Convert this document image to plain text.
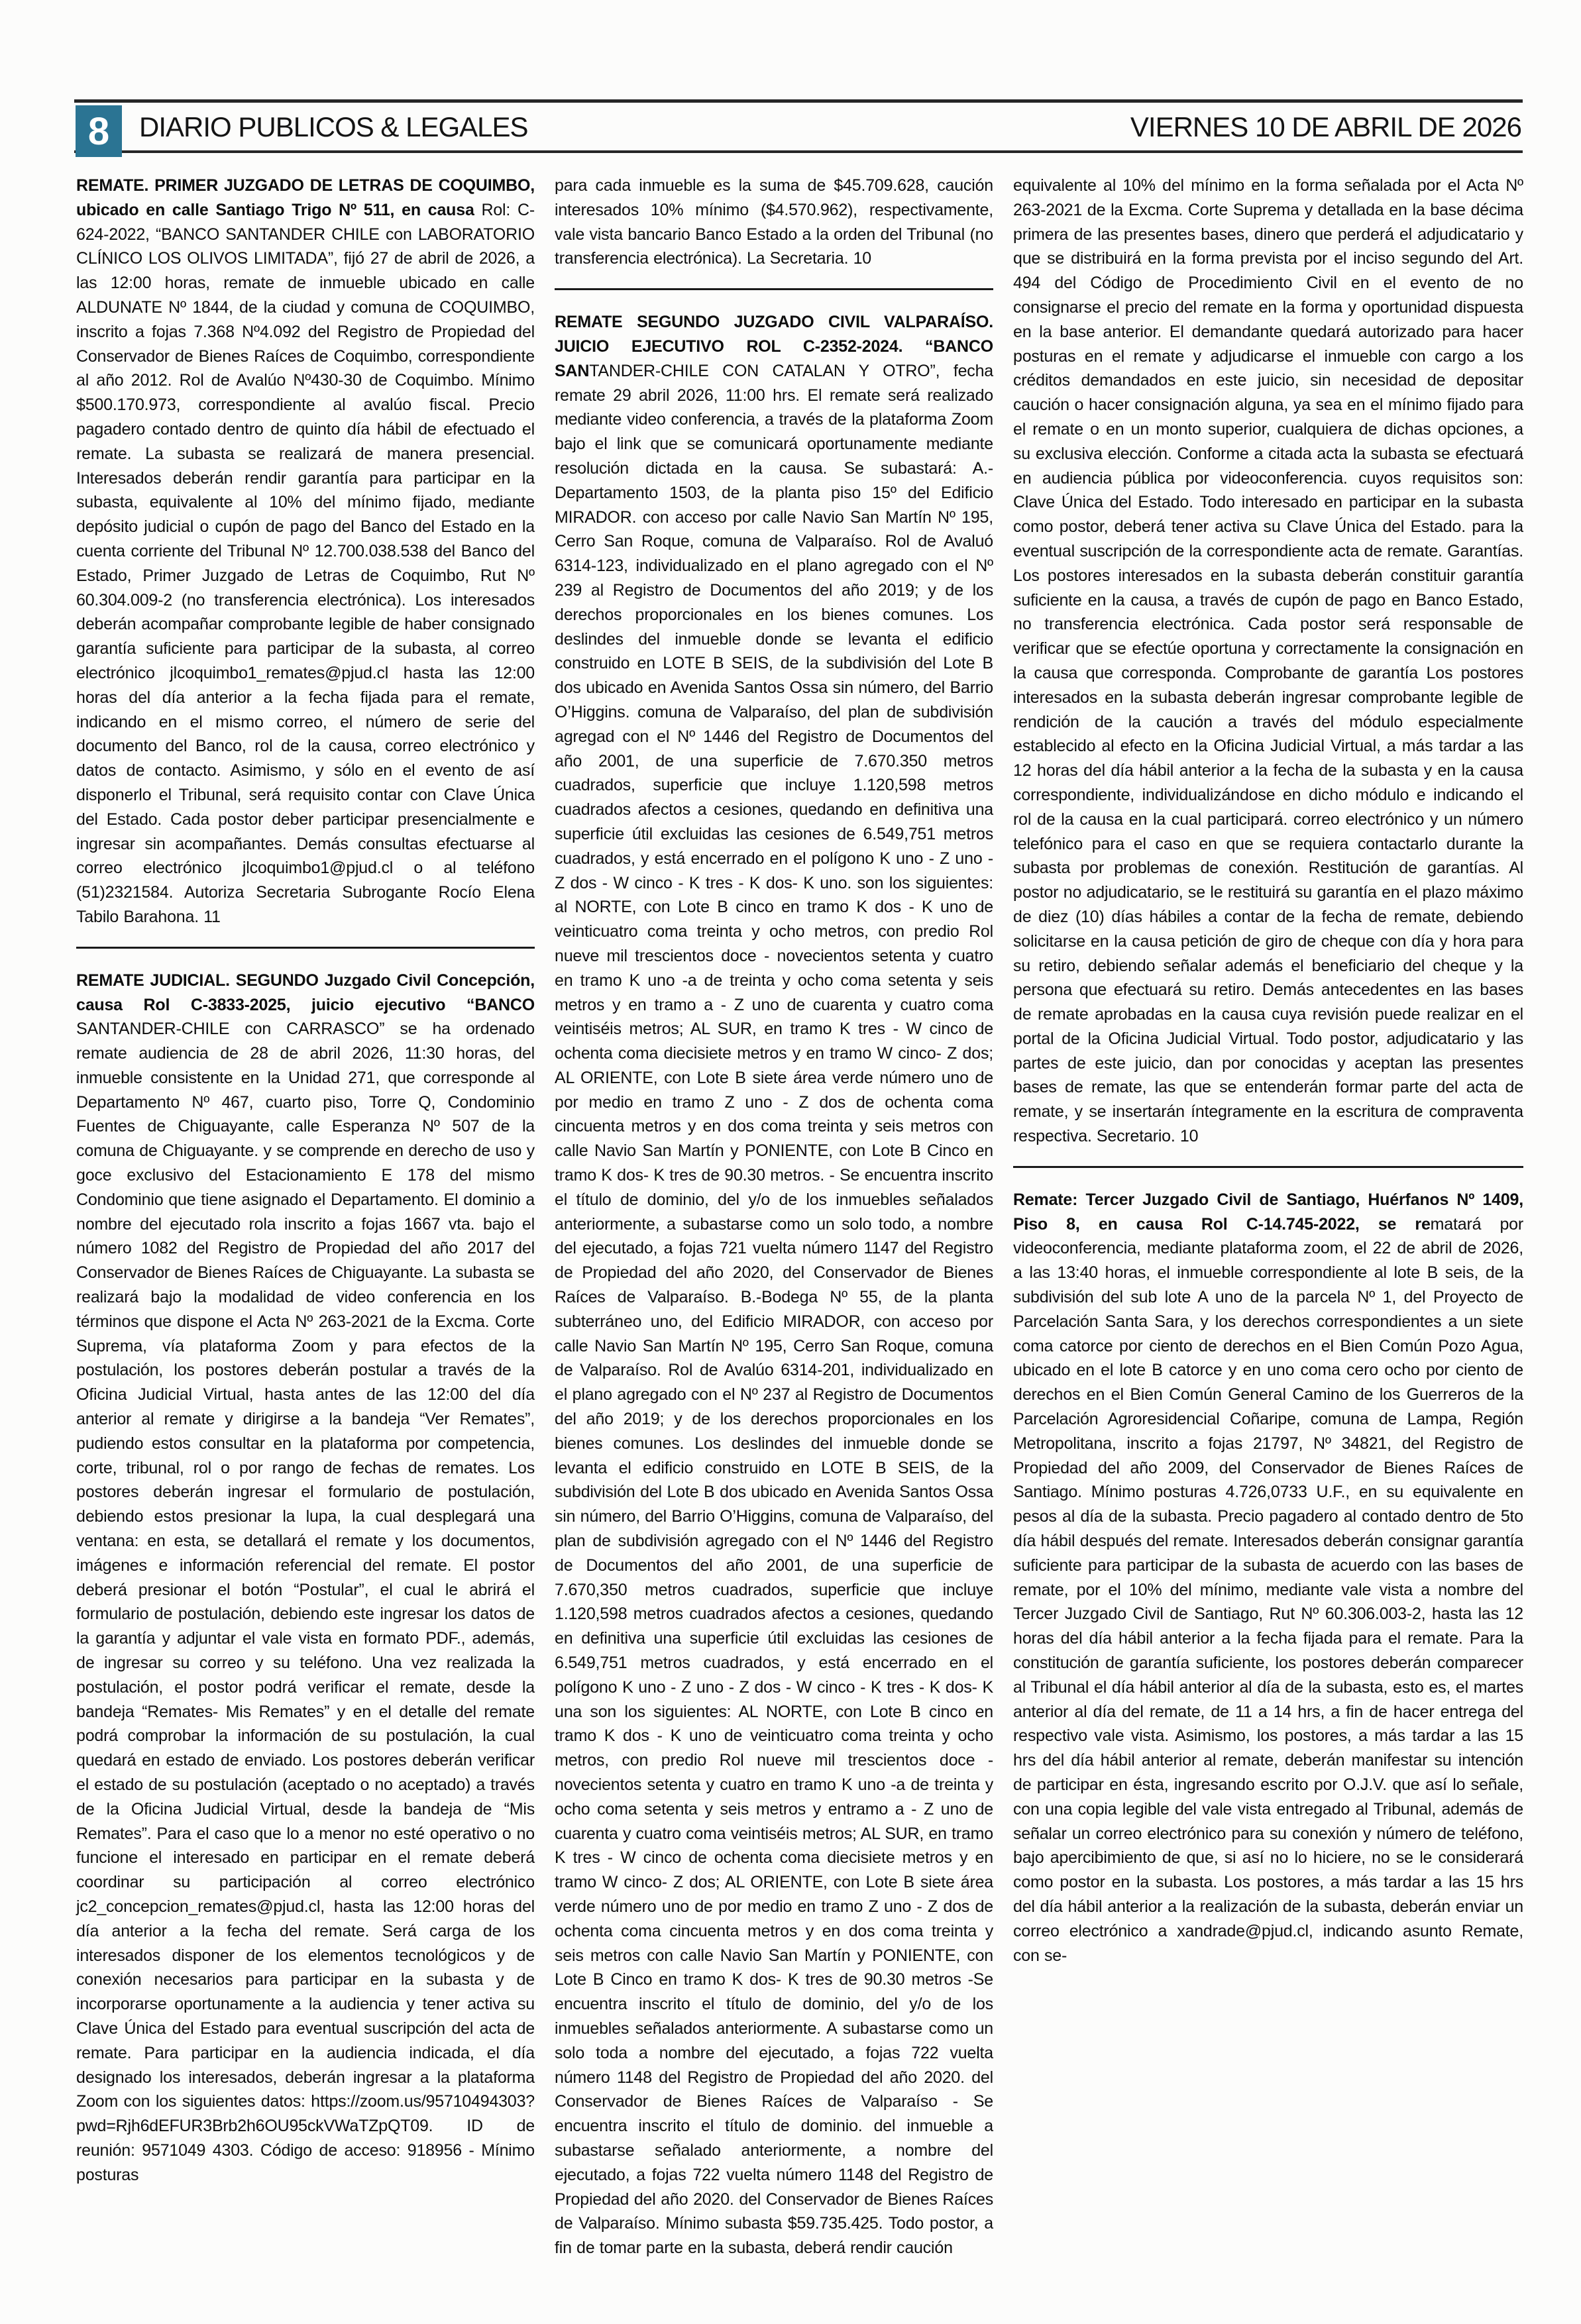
8 DIARIO PUBLICOS & LEGALES	VIERNES 10 DE ABRIL DE 2026

REMATE. PRIMER JUZGADO DE LETRAS DE COQUIMBO, ubicado en calle Santiago Trigo Nº 511, en causa Rol: C-624-2022, “BANCO SANTANDER CHILE con LABORATORIO CLÍNICO LOS OLIVOS LIMITADA”, fijó 27 de abril de 2026, a las 12:00 horas, remate de inmueble ubicado en calle ALDUNATE Nº 1844, de la ciudad y comuna de COQUIMBO, inscrito a fojas 7.368 Nº4.092 del Registro de Propiedad del Conservador de Bienes Raíces de Coquimbo, correspondiente al año 2012. Rol de Avalúo Nº430-30 de Coquimbo. Mínimo $500.170.973, correspondiente al avalúo fiscal. Precio pagadero contado dentro de quinto día hábil de efectuado el remate. La subasta se realizará de manera presencial. Interesados deberán rendir garantía para participar en la subasta, equivalente al 10% del mínimo fijado, mediante depósito judicial o cupón de pago del Banco del Estado en la cuenta corriente del Tribunal Nº 12.700.038.538 del Banco del Estado, Primer Juzgado de Letras de Coquimbo, Rut Nº 60.304.009-2 (no transferencia electrónica). Los interesados deberán acompañar comprobante legible de haber consignado garantía suficiente para participar de la subasta, al correo electrónico jlcoquimbo1_remates@pjud.cl hasta las 12:00 horas del día anterior a la fecha fijada para el remate, indicando en el mismo correo, el número de serie del documento del Banco, rol de la causa, correo electrónico y datos de contacto. Asimismo, y sólo en el evento de así disponerlo el Tribunal, será requisito contar con Clave Única del Estado. Cada postor deber participar presencialmente e ingresar sin acompañantes. Demás consultas efectuarse al correo electrónico jlcoquimbo1@pjud.cl o al teléfono (51)2321584. Autoriza Secretaria Subrogante Rocío Elena Tabilo Barahona. 11

REMATE JUDICIAL. SEGUNDO Juzgado Civil Concepción, causa Rol C-3833-2025, juicio ejecutivo “BANCO SANTANDER-CHILE con CARRASCO” se ha ordenado remate audiencia de 28 de abril 2026, 11:30 horas, del inmueble consistente en la Unidad 271, que corresponde al Departamento Nº 467, cuarto piso, Torre Q, Condominio Fuentes de Chiguayante, calle Esperanza Nº 507 de la comuna de Chiguayante. y se comprende en derecho de uso y goce exclusivo del Estacionamiento E 178 del mismo Condominio que tiene asignado el Departamento. El dominio a nombre del ejecutado rola inscrito a fojas 1667 vta. bajo el número 1082 del Registro de Propiedad del año 2017 del Conservador de Bienes Raíces de Chiguayante. La subasta se realizará bajo la modalidad de video conferencia en los términos que dispone el Acta Nº 263-2021 de la Excma. Corte Suprema, vía plataforma Zoom y para efectos de la postulación, los postores deberán postular a través de la Oficina Judicial Virtual, hasta antes de las 12:00 del día anterior al remate y dirigirse a la bandeja “Ver Remates”, pudiendo estos consultar en la plataforma por competencia, corte, tribunal, rol o por rango de fechas de remates. Los postores deberán ingresar el formulario de postulación, debiendo estos presionar la lupa, la cual desplegará una ventana: en esta, se detallará el remate y los documentos, imágenes e información referencial del remate. El postor deberá presionar el botón “Postular”, el cual le abrirá el formulario de postulación, debiendo este ingresar los datos de la garantía y adjuntar el vale vista en formato PDF., además, de ingresar su correo y su teléfono. Una vez realizada la postulación, el postor podrá verificar el remate, desde la bandeja “Remates- Mis Remates” y en el detalle del remate podrá comprobar la información de su postulación, la cual quedará en estado de enviado. Los postores deberán verificar el estado de su postulación (aceptado o no aceptado) a través de la Oficina Judicial Virtual, desde la bandeja de “Mis Remates”. Para el caso que lo a menor no esté operativo o no funcione el interesado en participar en el remate deberá coordinar su participación al correo electrónico jc2_concepcion_remates@pjud.cl, hasta las 12:00 horas del día anterior a la fecha del remate. Será carga de los interesados disponer de los elementos tecnológicos y de conexión necesarios para participar en la subasta y de incorporarse oportunamente a la audiencia y tener activa su Clave Única del Estado para eventual suscripción del acta de remate. Para participar en la audiencia indicada, el día designado los interesados, deberán ingresar a la plataforma Zoom con los siguientes datos: https://zoom.us/95710494303?pwd=Rjh6dEFUR3Brb2h6OU95ckVWaTZpQT09. ID de reunión: 9571049 4303. Código de acceso: 918956 - Mínimo posturas

para cada inmueble es la suma de $45.709.628, caución interesados 10% mínimo ($4.570.962), respectivamente, vale vista bancario Banco Estado a la orden del Tribunal (no transferencia electrónica). La Secretaria. 10

REMATE SEGUNDO JUZGADO CIVIL VALPARAÍSO. JUICIO EJECUTIVO ROL C-2352-2024. “BANCO SANTANDER-CHILE CON CATALAN Y OTRO”, fecha remate 29 abril 2026, 11:00 hrs. El remate será realizado mediante video conferencia, a través de la plataforma Zoom bajo el link que se comunicará oportunamente mediante resolución dictada en la causa. Se subastará: A.- Departamento 1503, de la planta piso 15º del Edificio MIRADOR. con acceso por calle Navio San Martín Nº 195, Cerro San Roque, comuna de Valparaíso. Rol de Avaluó 6314-123, individualizado en el plano agregado con el Nº 239 al Registro de Documentos del año 2019; y de los derechos proporcionales en los bienes comunes. Los deslindes del inmueble donde se levanta el edificio construido en LOTE B SEIS, de la subdivisión del Lote B dos ubicado en Avenida Santos Ossa sin número, del Barrio O’Higgins. comuna de Valparaíso, del plan de subdivisión agregad con el Nº 1446 del Registro de Documentos del año 2001, de una superficie de 7.670.350 metros cuadrados, superficie que incluye 1.120,598 metros cuadrados afectos a cesiones, quedando en definitiva una superficie útil excluidas las cesiones de 6.549,751 metros cuadrados, y está encerrado en el polígono K uno - Z uno - Z dos - W cinco - K tres - K dos- K uno. son los siguientes: al NORTE, con Lote B cinco en tramo K dos - K uno de veinticuatro coma treinta y ocho metros, con predio Rol nueve mil trescientos doce - novecientos setenta y cuatro en tramo K uno -a de treinta y ocho coma setenta y seis metros y en tramo a - Z uno de cuarenta y cuatro coma veintiséis metros; AL SUR, en tramo K tres - W cinco de ochenta coma diecisiete metros y en tramo W cinco- Z dos; AL ORIENTE, con Lote B siete área verde número uno de por medio en tramo Z uno - Z dos de ochenta coma cincuenta metros y en dos coma treinta y seis metros con calle Navio San Martín y PONIENTE, con Lote B Cinco en tramo K dos- K tres de 90.30 metros. - Se encuentra inscrito el título de dominio, del y/o de los inmuebles señalados anteriormente, a subastarse como un solo todo, a nombre del ejecutado, a fojas 721 vuelta número 1147 del Registro de Propiedad del año 2020, del Conservador de Bienes Raíces de Valparaíso. B.-Bodega Nº 55, de la planta subterráneo uno, del Edificio MIRADOR, con acceso por calle Navio San Martín Nº 195, Cerro San Roque, comuna de Valparaíso. Rol de Avalúo 6314-201, individualizado en el plano agregado con el Nº 237 al Registro de Documentos del año 2019; y de los derechos proporcionales en los bienes comunes. Los deslindes del inmueble donde se levanta el edificio construido en LOTE B SEIS, de la subdivisión del Lote B dos ubicado en Avenida Santos Ossa sin número, del Barrio O’Higgins, comuna de Valparaíso, del plan de subdivisión agregado con el Nº 1446 del Registro de Documentos del año 2001, de una superficie de 7.670,350 metros cuadrados, superficie que incluye 1.120,598 metros cuadrados afectos a cesiones, quedando en definitiva una superficie útil excluidas las cesiones de 6.549,751 metros cuadrados, y está encerrado en el polígono K uno - Z uno - Z dos - W cinco - K tres - K dos- K una son los siguientes: AL NORTE, con Lote B cinco en tramo K dos - K uno de veinticuatro coma treinta y ocho metros, con predio Rol nueve mil trescientos doce - novecientos setenta y cuatro en tramo K uno -a de treinta y ocho coma setenta y seis metros y entramo a - Z uno de cuarenta y cuatro coma veintiséis metros; AL SUR, en tramo K tres - W cinco de ochenta coma diecisiete metros y en tramo W cinco- Z dos; AL ORIENTE, con Lote B siete área verde número uno de por medio en tramo Z uno - Z dos de ochenta coma cincuenta metros y en dos coma treinta y seis metros con calle Navio San Martín y PONIENTE, con Lote B Cinco en tramo K dos- K tres de 90.30 metros -Se encuentra inscrito el título de dominio, del y/o de los inmuebles señalados anteriormente. A subastarse como un solo toda a nombre del ejecutado, a fojas 722 vuelta número 1148 del Registro de Propiedad del año 2020. del Conservador de Bienes Raíces de Valparaíso - Se encuentra inscrito el título de dominio. del inmueble a subastarse señalado anteriormente, a nombre del ejecutado, a fojas 722 vuelta número 1148 del Registro de Propiedad del año 2020. del Conservador de Bienes Raíces de Valparaíso. Mínimo subasta $59.735.425. Todo postor, a fin de tomar parte en la subasta, deberá rendir caución

equivalente al 10% del mínimo en la forma señalada por el Acta Nº 263-2021 de la Excma. Corte Suprema y detallada en la base décima primera de las presentes bases, dinero que perderá el adjudicatario y que se distribuirá en la forma prevista por el inciso segundo del Art. 494 del Código de Procedimiento Civil en el evento de no consignarse el precio del remate en la forma y oportunidad dispuesta en la base anterior. El demandante quedará autorizado para hacer posturas en el remate y adjudicarse el inmueble con cargo a los créditos demandados en este juicio, sin necesidad de depositar caución o hacer consignación alguna, ya sea en el mínimo fijado para el remate o en un monto superior, cualquiera de dichas opciones, a su exclusiva elección. Conforme a citada acta la subasta se efectuará en audiencia pública por videoconferencia. cuyos requisitos son: Clave Única del Estado. Todo interesado en participar en la subasta como postor, deberá tener activa su Clave Única del Estado. para la eventual suscripción de la correspondiente acta de remate. Garantías. Los postores interesados en la subasta deberán constituir garantía suficiente en la causa, a través de cupón de pago en Banco Estado, no transferencia electrónica. Cada postor será responsable de verificar que se efectúe oportuna y correctamente la consignación en la causa que corresponda. Comprobante de garantía Los postores interesados en la subasta deberán ingresar comprobante legible de rendición de la caución a través del módulo especialmente establecido al efecto en la Oficina Judicial Virtual, a más tardar a las 12 horas del día hábil anterior a la fecha de la subasta y en la causa correspondiente, individualizándose en dicho módulo e indicando el rol de la causa en la cual participará. correo electrónico y un número telefónico para el caso en que se requiera contactarlo durante la subasta por problemas de conexión. Restitución de garantías. Al postor no adjudicatario, se le restituirá su garantía en el plazo máximo de diez (10) días hábiles a contar de la fecha de remate, debiendo solicitarse en la causa petición de giro de cheque con día y hora para su retiro, debiendo señalar además el beneficiario del cheque y la persona que efectuará su retiro. Demás antecedentes en las bases de remate aprobadas en la causa cuya revisión puede realizar en el portal de la Oficina Judicial Virtual. Todo postor, adjudicatario y las partes de este juicio, dan por conocidas y aceptan las presentes bases de remate, las que se entenderán formar parte del acta de remate, y se insertarán íntegramente en la escritura de compraventa respectiva. Secretario. 10

Remate: Tercer Juzgado Civil de Santiago, Huérfanos Nº 1409, Piso 8, en causa Rol C-14.745-2022, se rematará por videoconferencia, mediante plataforma zoom, el 22 de abril de 2026, a las 13:40 horas, el inmueble correspondiente al lote B seis, de la subdivisión del sub lote A uno de la parcela Nº 1, del Proyecto de Parcelación Santa Sara, y los derechos correspondientes a un siete coma catorce por ciento de derechos en el Bien Común Pozo Agua, ubicado en el lote B catorce y en uno coma cero ocho por ciento de derechos en el Bien Común General Camino de los Guerreros de la Parcelación Agroresidencial Coñaripe, comuna de Lampa, Región Metropolitana, inscrito a fojas 21797, Nº 34821, del Registro de Propiedad del año 2009, del Conservador de Bienes Raíces de Santiago. Mínimo posturas 4.726,0733 U.F., en su equivalente en pesos al día de la subasta. Precio pagadero al contado dentro de 5to día hábil después del remate. Interesados deberán consignar garantía suficiente para participar de la subasta de acuerdo con las bases de remate, por el 10% del mínimo, mediante vale vista a nombre del Tercer Juzgado Civil de Santiago, Rut Nº 60.306.003-2, hasta las 12 horas del día hábil anterior a la fecha fijada para el remate. Para la constitución de garantía suficiente, los postores deberán comparecer al Tribunal el día hábil anterior al día de la subasta, esto es, el martes anterior al día del remate, de 11 a 14 hrs, a fin de hacer entrega del respectivo vale vista. Asimismo, los postores, a más tardar a las 15 hrs del día hábil anterior al remate, deberán manifestar su intención de participar en ésta, ingresando escrito por O.J.V. que así lo señale, con una copia legible del vale vista entregado al Tribunal, además de señalar un correo electrónico para su conexión y número de teléfono, bajo apercibimiento de que, si así no lo hiciere, no se le considerará como postor en la subasta. Los postores, a más tardar a las 15 hrs del día hábil anterior a la realización de la subasta, deberán enviar un correo electrónico a xandrade@pjud.cl, indicando asunto Remate, con se-
